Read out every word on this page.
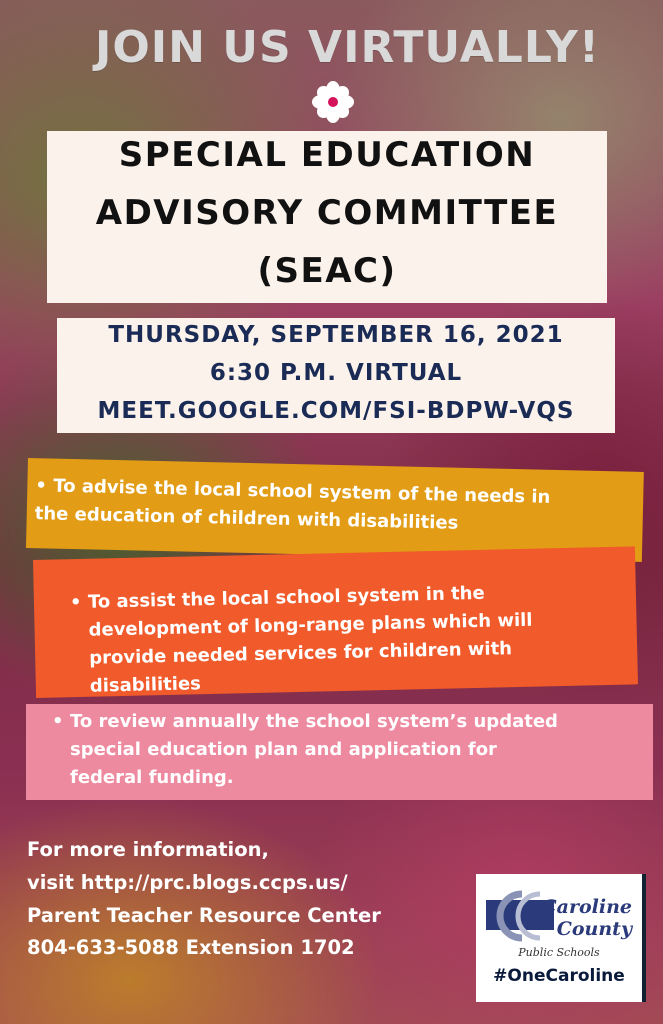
JOIN US VIRTUALLY!
SPECIAL EDUCATION
ADVISORY COMMITTEE
(SEAC)
THURSDAY, SEPTEMBER 16, 2021
6:30 P.M. VIRTUAL
MEET.GOOGLE.COM/FSI-BDPW-VQS
• To advise the local school system of the needs in
the education of children with disabilities
• To assist the local school system in the
development of long-range plans which will
provide needed services for children with
disabilities
• To review annually the school system’s updated
special education plan and application for
federal funding.
For more information,
visit http://prc.blogs.ccps.us/
Parent Teacher Resource Center
804-633-5088 Extension 1702
Caroline
County
Public Schools
#OneCaroline
